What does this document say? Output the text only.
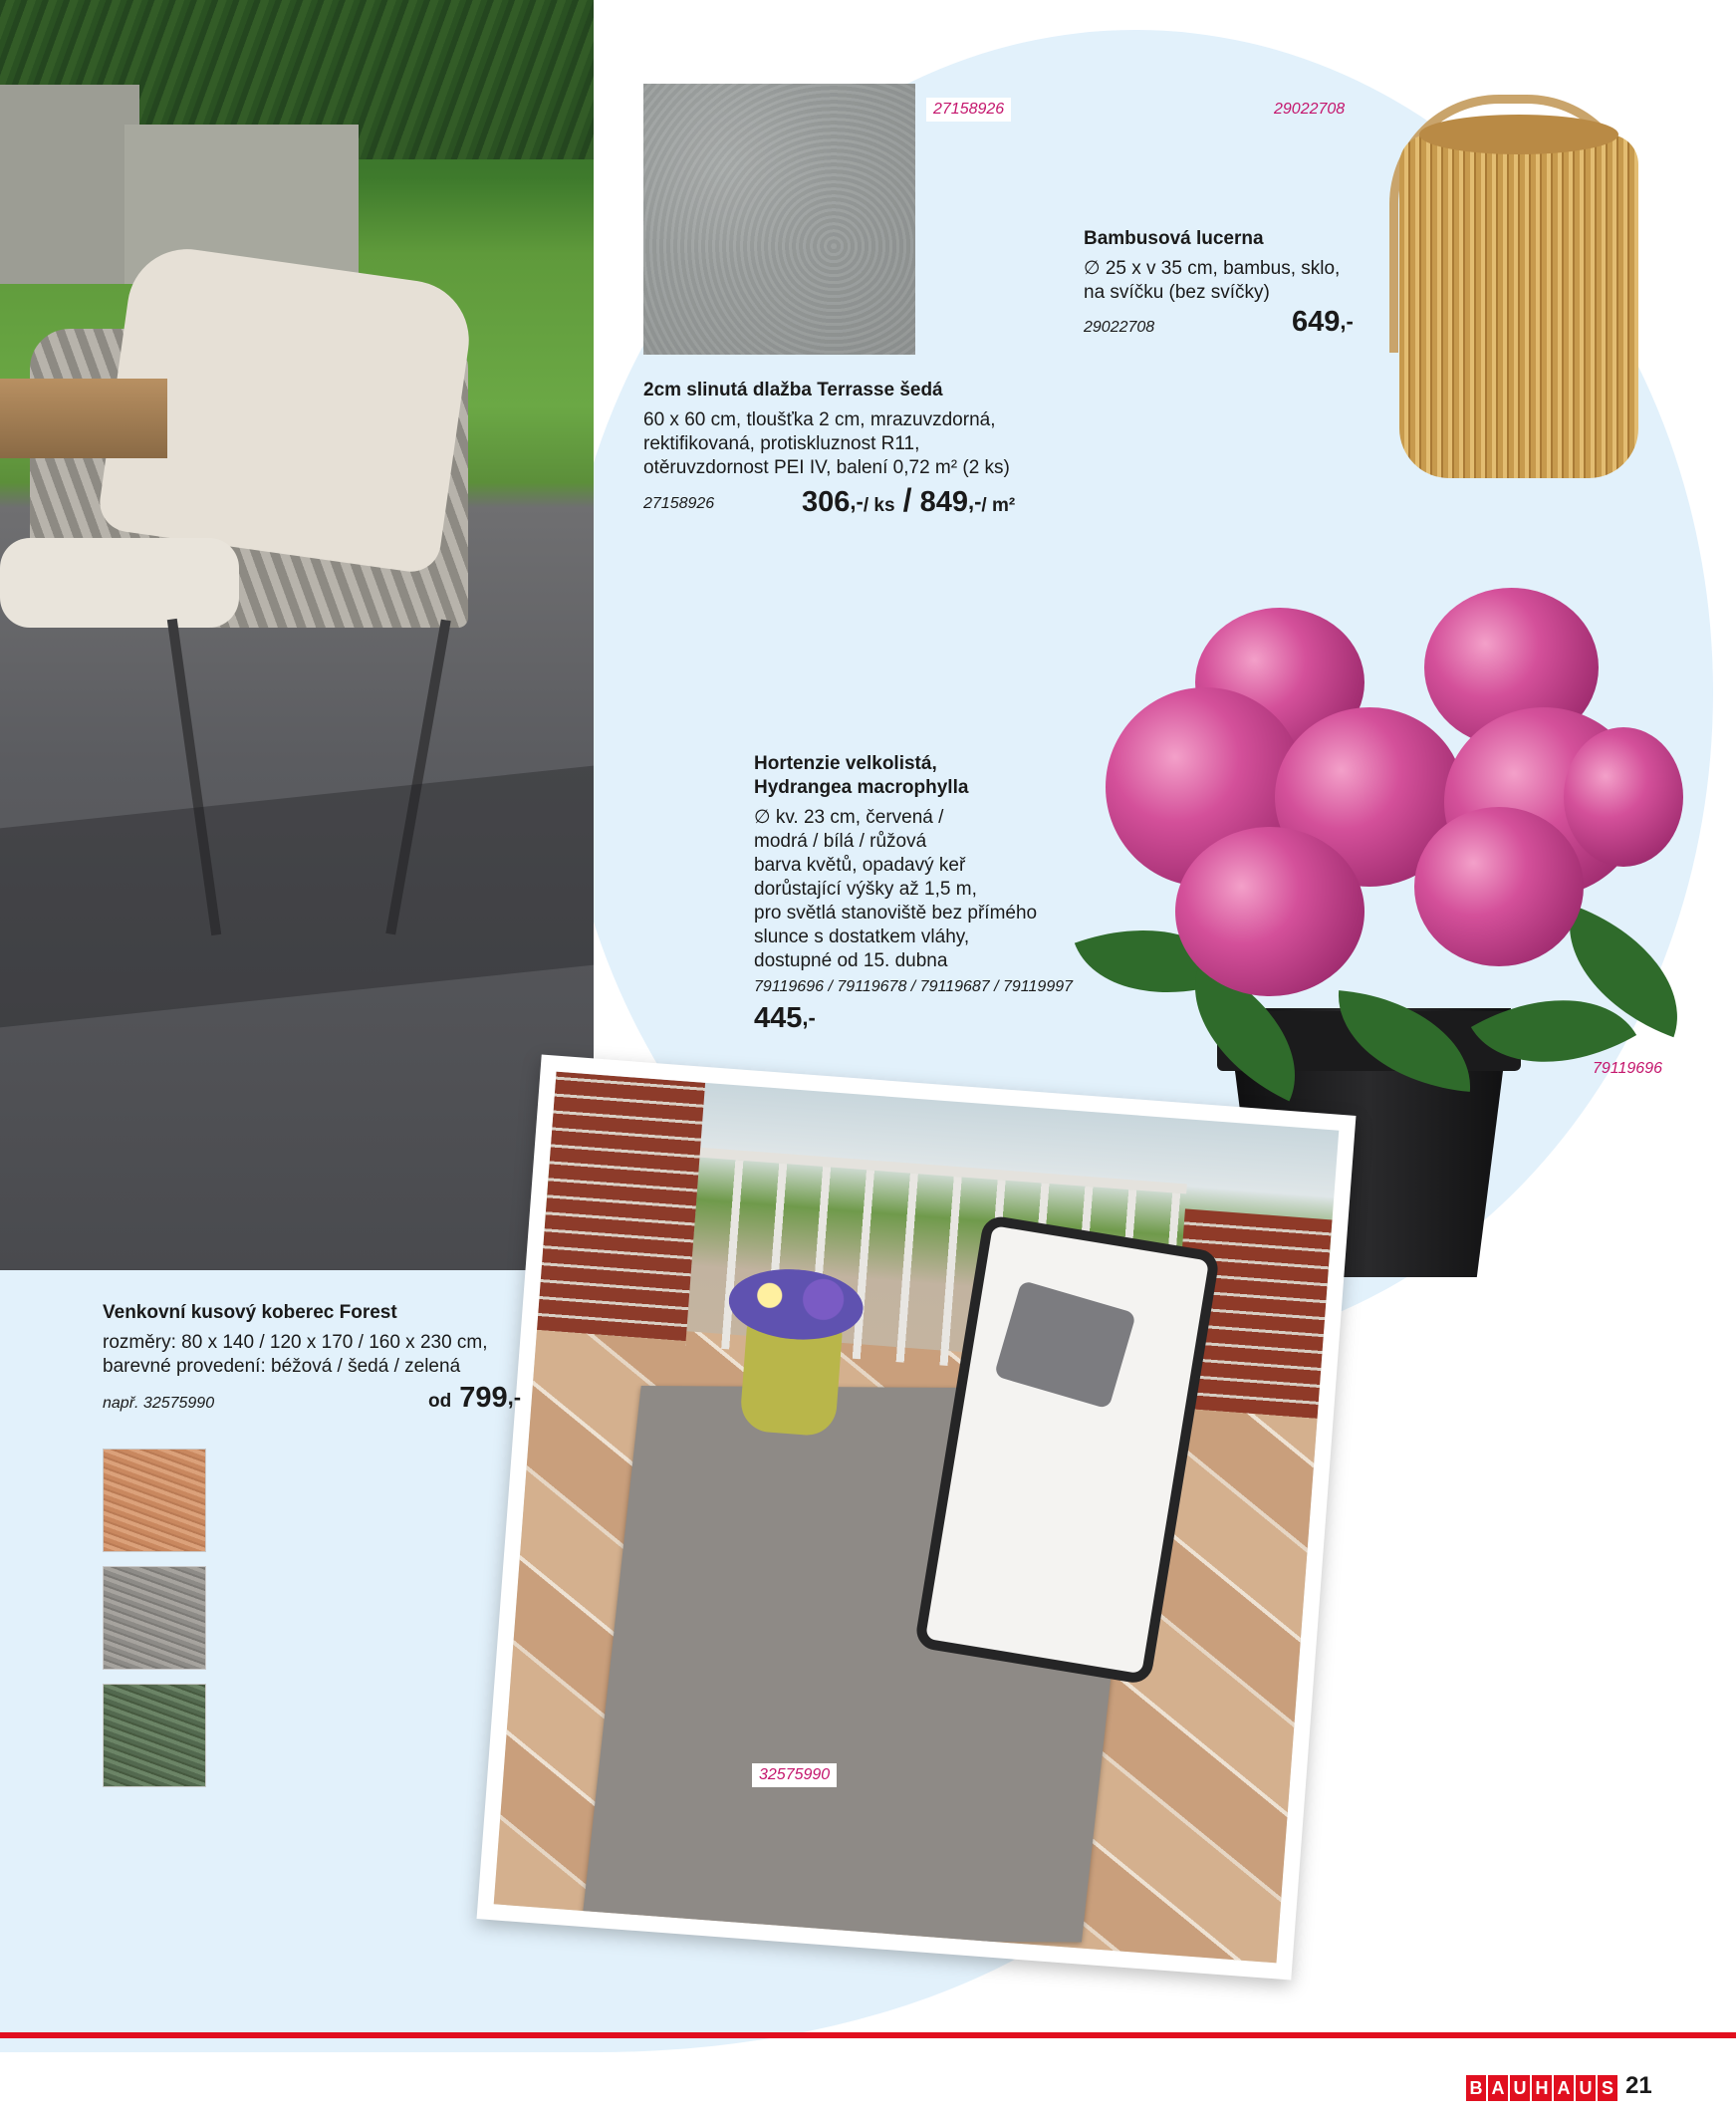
27158926
2cm slinutá dlažba Terrasse šedá
60 x 60 cm, tloušťka 2 cm, mrazuvzdorná,
rektifikovaná, protiskluznost R11,
otěruvzdornost PEI IV, balení 0,72 m² (2 ks)
27158926	306,-/ ks / 849,-/ m²
29022708
Bambusová lucerna
∅ 25 x v 35 cm, bambus, sklo,
na svíčku (bez svíčky)
29022708	649,-
Hortenzie velkolistá,
Hydrangea macrophylla
∅ kv. 23 cm, červená /
modrá / bílá / růžová
barva květů, opadavý keř
dorůstající výšky až 1,5 m,
pro světlá stanoviště bez přímého
slunce s dostatkem vláhy,
dostupné od 15. dubna
79119696 / 79119678 / 79119687 / 79119997
445,-
79119696
32575990
Venkovní kusový koberec Forest
rozměry: 80 x 140 / 120 x 170 / 160 x 230 cm,
barevné provedení: béžová / šedá / zelená
např. 32575990	od 799,-
B A U H A U S 21
